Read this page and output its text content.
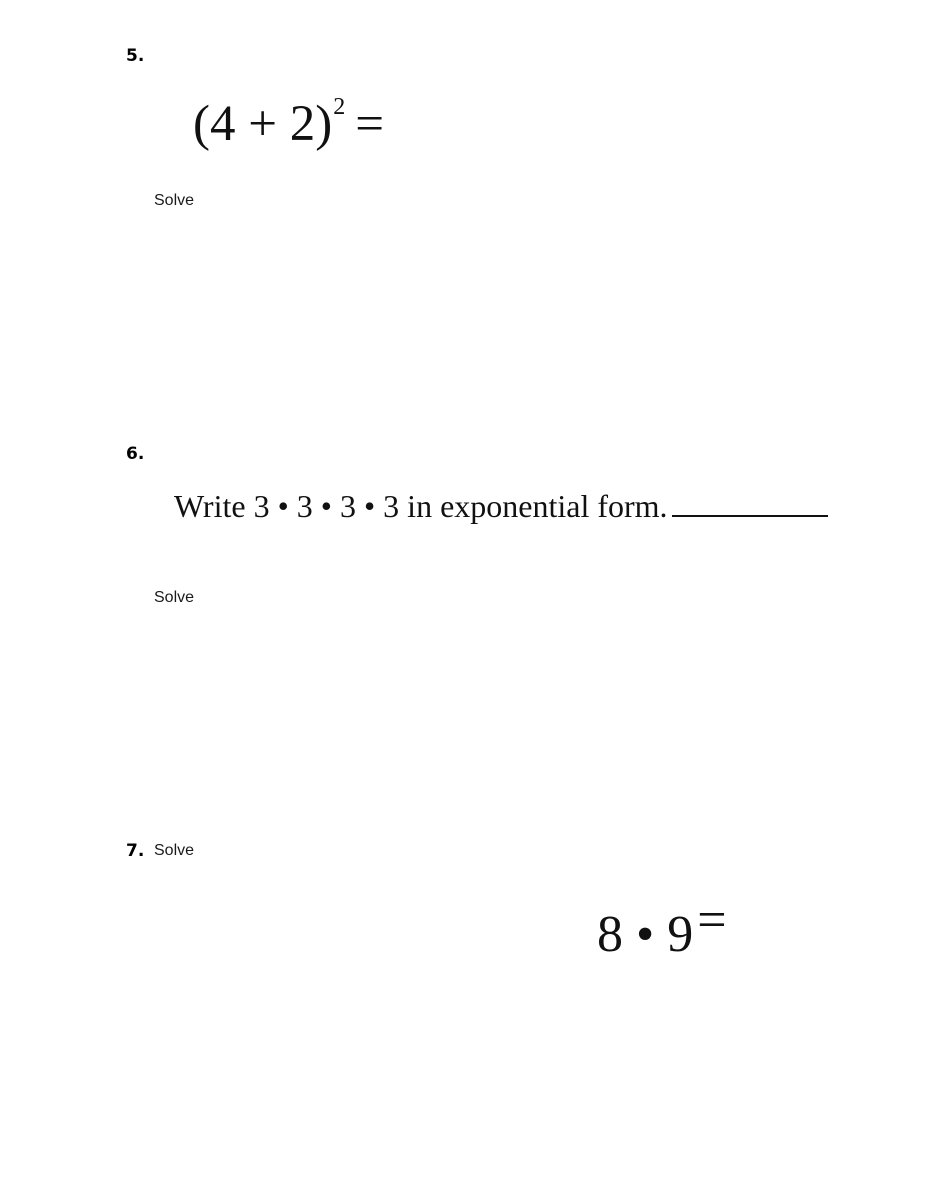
5.
$(4 + 2)^2$ =
Solve
6.
Write 3 • 3 • 3 • 3 in exponential form.
Solve
7. Solve
8 • 9=
